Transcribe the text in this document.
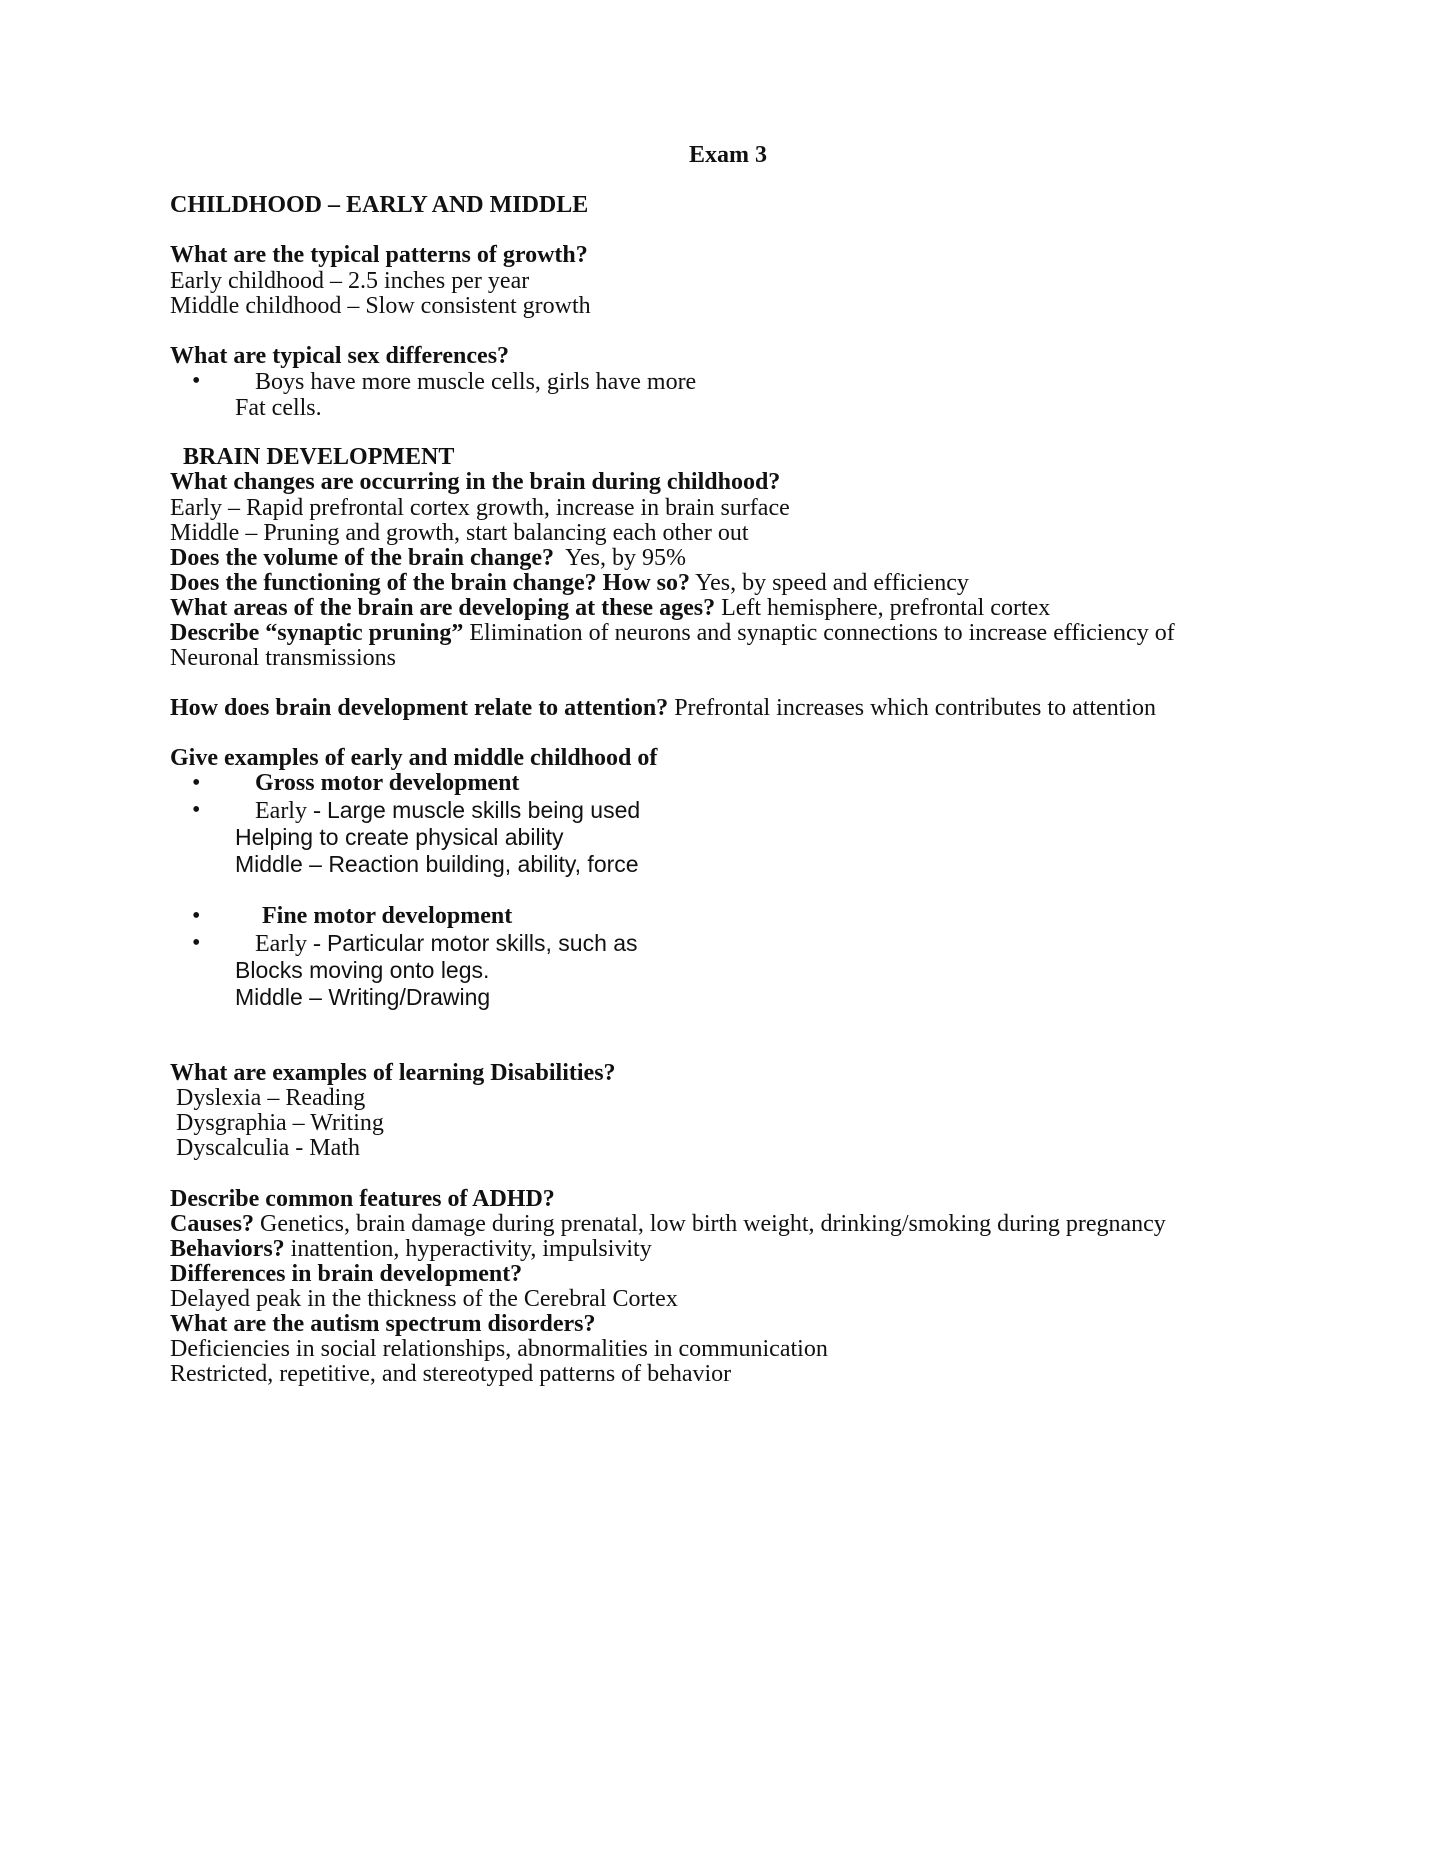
Exam 3
CHILDHOOD – EARLY AND MIDDLE
What are the typical patterns of growth?
Early childhood – 2.5 inches per year
Middle childhood – Slow consistent growth
What are typical sex differences?
• Boys have more muscle cells, girls have more
Fat cells.
BRAIN DEVELOPMENT
What changes are occurring in the brain during childhood?
Early – Rapid prefrontal cortex growth, increase in brain surface
Middle – Pruning and growth, start balancing each other out
Does the volume of the brain change? Yes, by 95%
Does the functioning of the brain change? How so? Yes, by speed and efficiency
What areas of the brain are developing at these ages? Left hemisphere, prefrontal cortex
Describe “synaptic pruning” Elimination of neurons and synaptic connections to increase efficiency of
Neuronal transmissions
How does brain development relate to attention? Prefrontal increases which contributes to attention
Give examples of early and middle childhood of
• Gross motor development
• Early - Large muscle skills being used
Helping to create physical ability
Middle – Reaction building, ability, force
•	Fine motor development
• Early - Particular motor skills, such as
Blocks moving onto legs.
Middle – Writing/Drawing
What are examples of learning Disabilities?
Dyslexia – Reading
Dysgraphia – Writing
Dyscalculia - Math
Describe common features of ADHD?
Causes? Genetics, brain damage during prenatal, low birth weight, drinking/smoking during pregnancy
Behaviors? inattention, hyperactivity, impulsivity
Differences in brain development?
Delayed peak in the thickness of the Cerebral Cortex
What are the autism spectrum disorders?
Deficiencies in social relationships, abnormalities in communication
Restricted, repetitive, and stereotyped patterns of behavior
